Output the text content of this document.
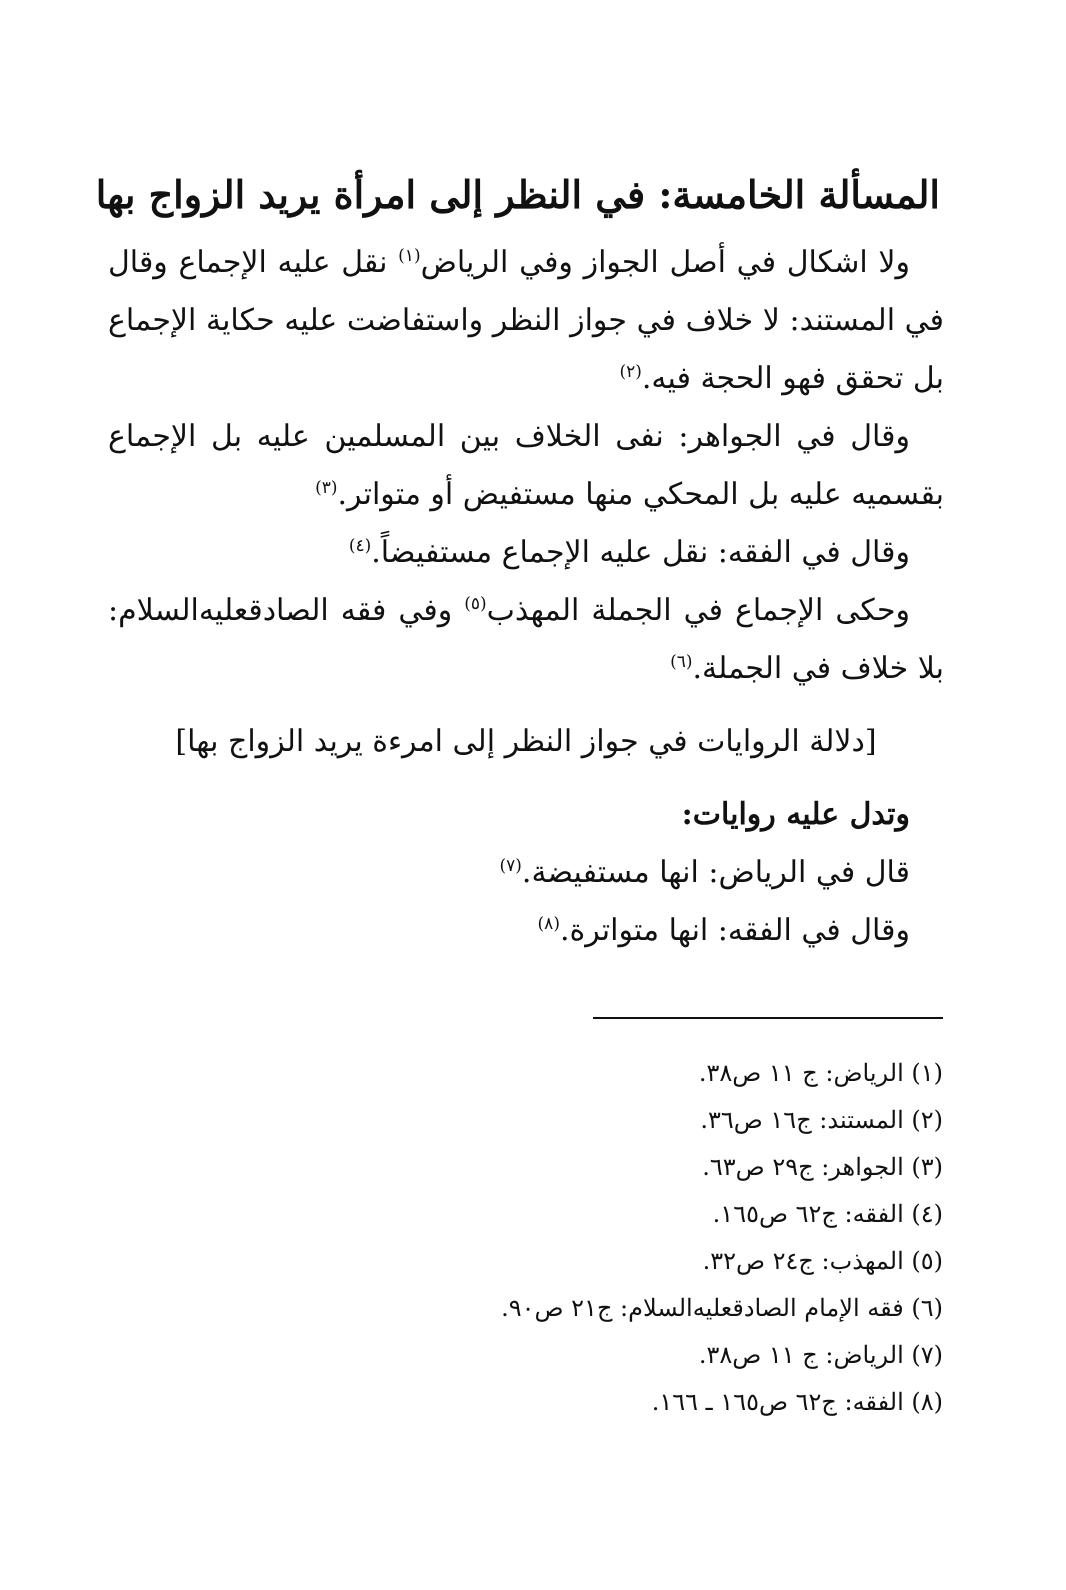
المسألة الخامسة: في النظر إلى امرأة يريد الزواج بها

ولا اشكال في أصل الجواز وفي الرياض$^{(١)}$ نقل عليه الإجماع وقال في المستند: لا خلاف في جواز النظر واستفاضت عليه حكاية الإجماع بل تحقق فهو الحجة فيه.$^{(٢)}$

وقال في الجواهر: نفى الخلاف بين المسلمين عليه بل الإجماع بقسميه عليه بل المحكي منها مستفيض أو متواتر.$^{(٣)}$

وقال في الفقه: نقل عليه الإجماع مستفيضاً.$^{(٤)}$

وحكى الإجماع في الجملة المهذب$^{(٥)}$ وفي فقه الصادقعليه‌السلام: بلا خلاف في الجملة.$^{(٦)}$

[دلالة الروايات في جواز النظر إلى امرءة يريد الزواج بها]

وتدل عليه روايات:

قال في الرياض: انها مستفيضة.$^{(٧)}$

وقال في الفقه: انها متواترة.$^{(٨)}$

(١) الرياض: ج ١١ ص٣٨.

(٢) المستند: ج١٦ ص٣٦.

(٣) الجواهر: ج٢٩ ص٦٣.

(٤) الفقه: ج٦٢ ص١٦٥.

(٥) المهذب: ج٢٤ ص٣٢.

(٦) فقه الإمام الصادقعليه‌السلام: ج٢١ ص٩٠.

(٧) الرياض: ج ١١ ص٣٨.

(٨) الفقه: ج٦٢ ص١٦٥ ـ ١٦٦.
